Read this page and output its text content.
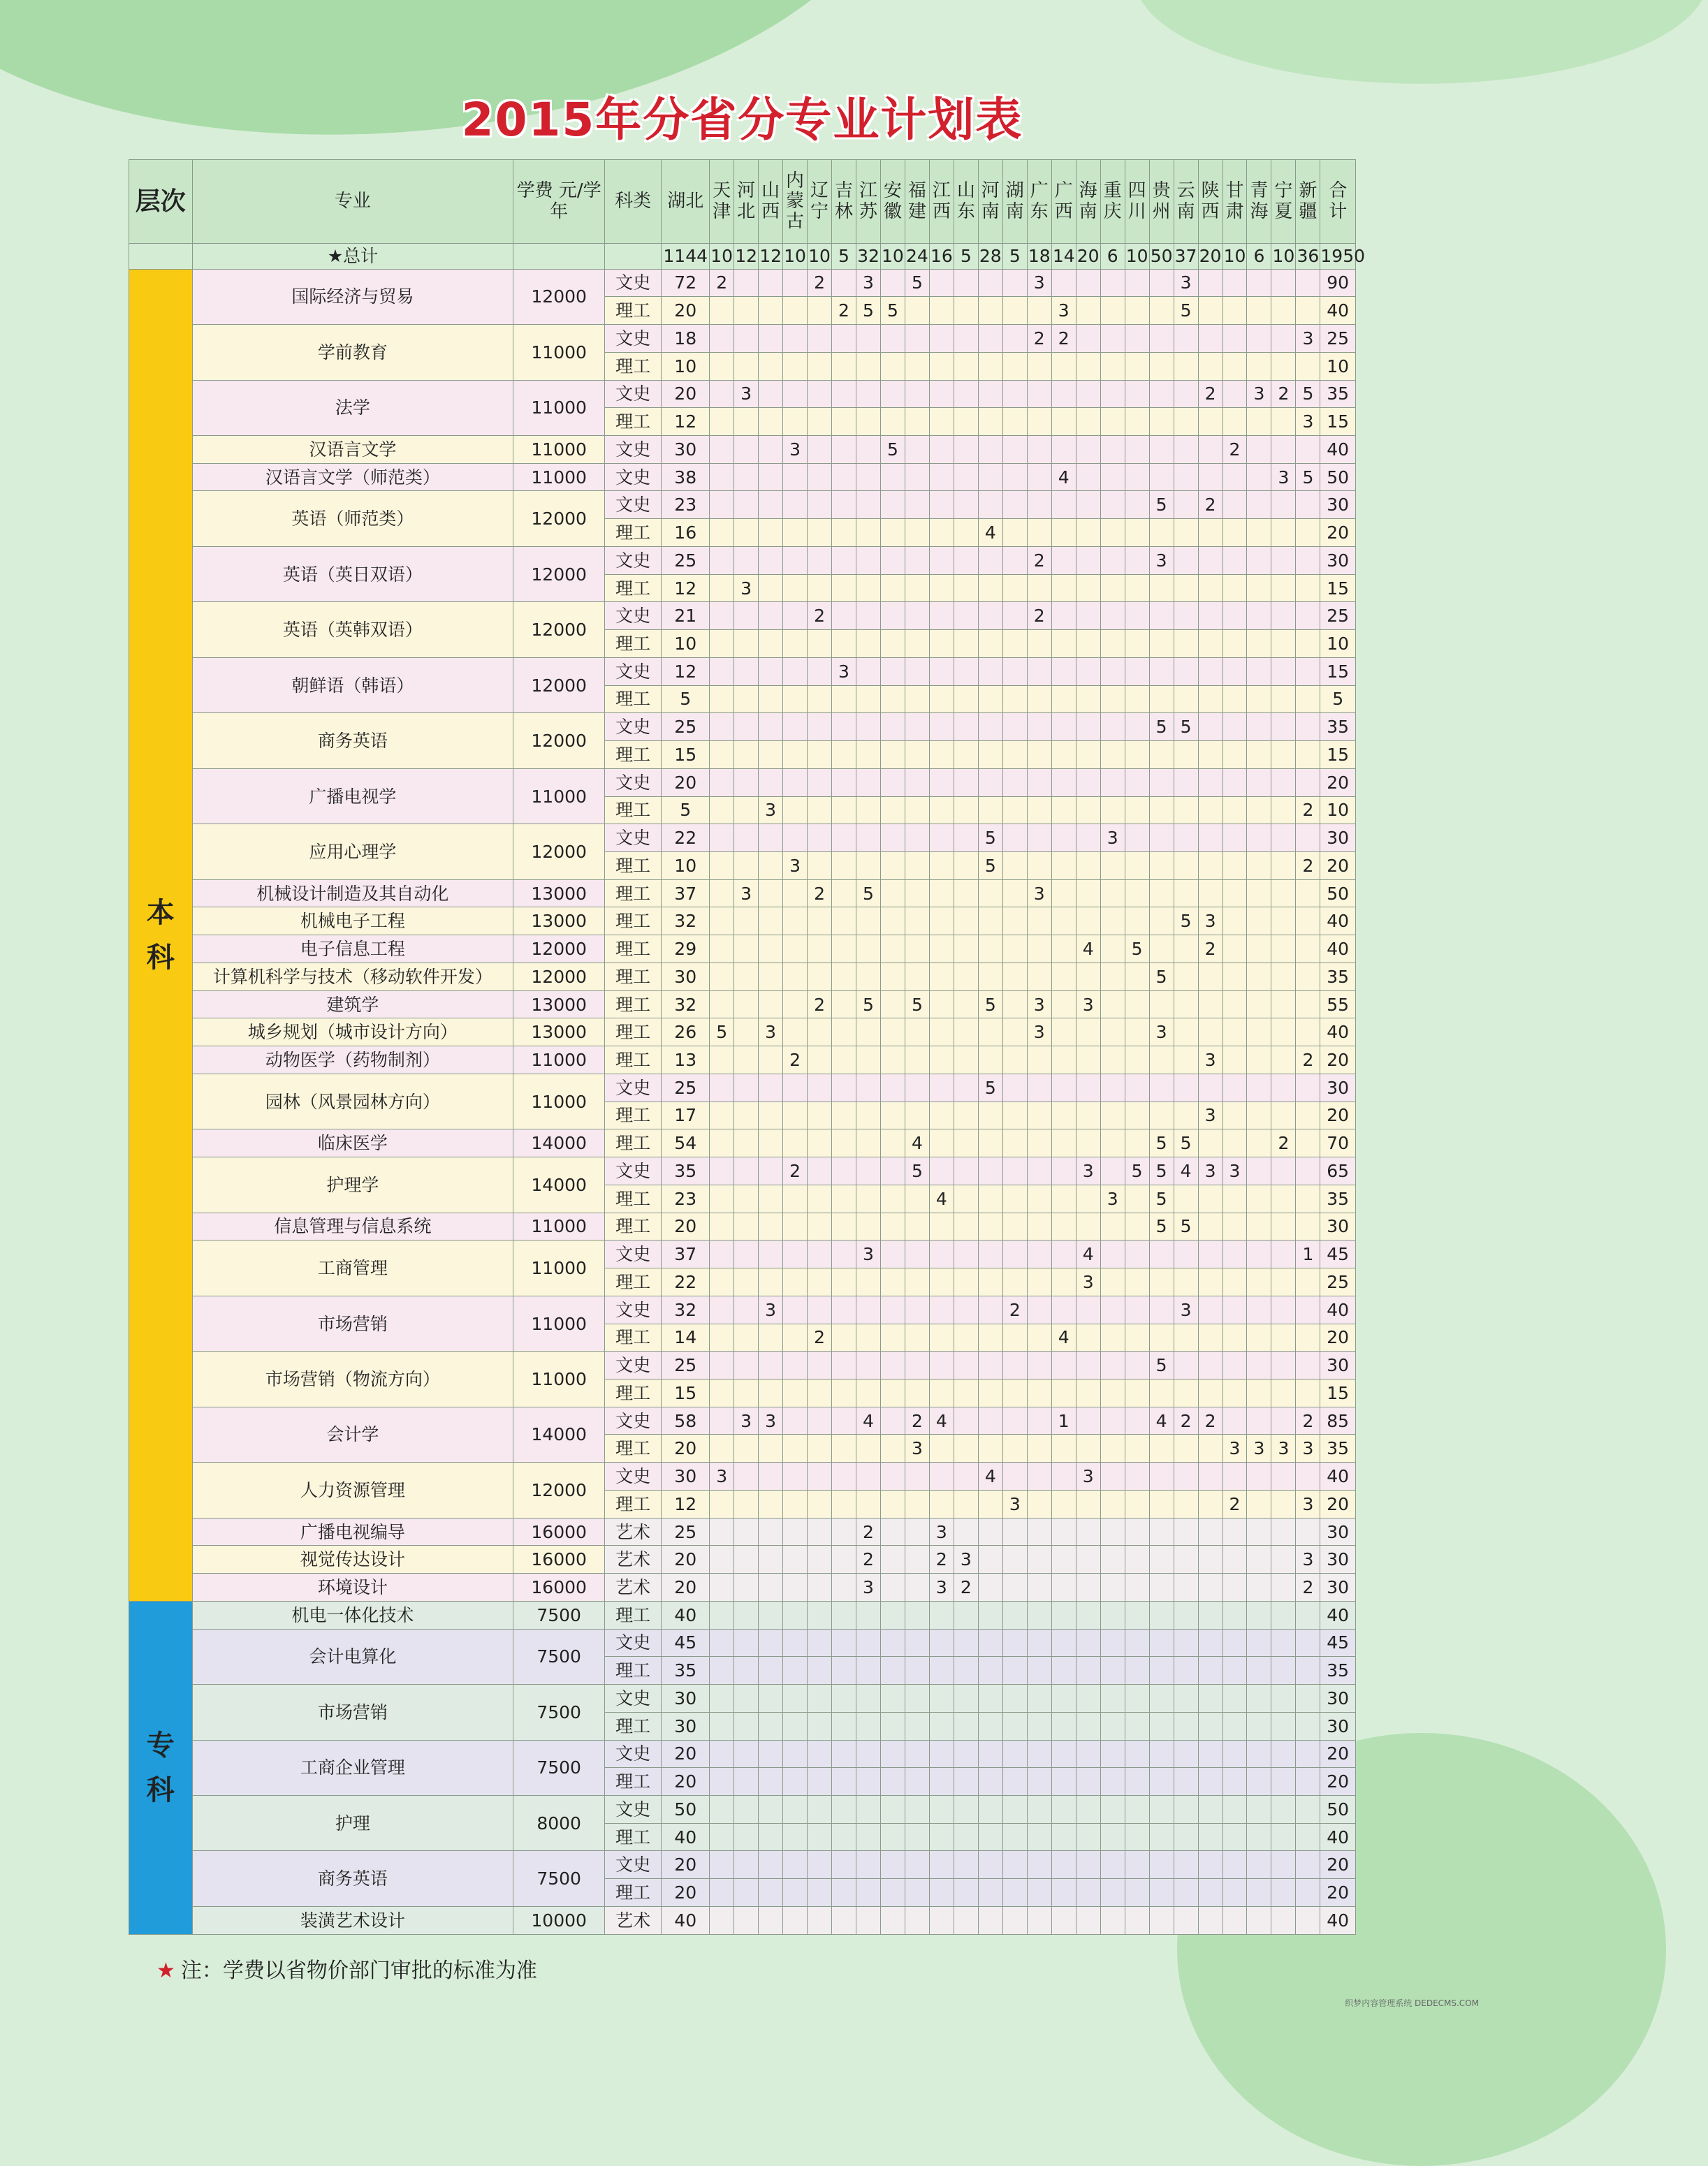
2015年分省分专业计划表
层次	专业	学费 元/学年	科类	湖北	天津	河北	山西	内蒙古	辽宁	吉林	江苏	安徽	福建	江西	山东	河南	湖南	广东	广西	海南	重庆	四川	贵州	云南	陕西	甘肃	青海	宁夏	新疆	合计
	★总计			1144	10	12	12	10	10	5	32	10	24	16	5	28	5	18	14	20	6	10	50	37	20	10	6	10	36	1950
本 科	国际经济与贸易	12000	文史	72	2				2		3		5					3						3						90
			理工	20						2	5	5							3					5						40
	学前教育	11000	文史	18														2	2										3	25
			理工	10																										10
	法学	11000	文史	20		3																			2		3	2	5	35
			理工	12																									3	15
	汉语言文学	11000	文史	30				3				5														2				40
	汉语言文学（师范类）	11000	文史	38															4									3	5	50
	英语（师范类）	12000	文史	23																			5		2					30
			理工	16												4														20
	英语（英日双语）	12000	文史	25														2					3							30
			理工	12		3																								15
	英语（英韩双语）	12000	文史	21					2									2												25
			理工	10																										10
	朝鲜语（韩语）	12000	文史	12						3																				15
			理工	5																										5
	商务英语	12000	文史	25																			5	5						35
			理工	15																										15
	广播电视学	11000	文史	20																										20
			理工	5			3																						2	10
	应用心理学	12000	文史	22												5					3									30
			理工	10				3								5													2	20
	机械设计制造及其自动化	13000	理工	37		3			2		5							3												50
	机械电子工程	13000	理工	32																				5	3					40
	电子信息工程	12000	理工	29																4		5			2					40
	计算机科学与技术（移动软件开发）	12000	理工	30																			5							35
	建筑学	13000	理工	32					2		5		5			5		3		3										55
	城乡规划（城市设计方向）	13000	理工	26	5		3											3					3							40
	动物医学（药物制剂）	11000	理工	13				2																	3				2	20
	园林（风景园林方向）	11000	文史	25												5														30
			理工	17																					3					20
	临床医学	14000	理工	54									4										5	5				2		70
	护理学	14000	文史	35				2					5							3		5	5	4	3	3				65
			理工	23										4							3		5							35
	信息管理与信息系统	11000	理工	20																			5	5						30
	工商管理	11000	文史	37							3									4									1	45
			理工	22																3										25
	市场营销	11000	文史	32			3										2							3						40
			理工	14					2										4											20
	市场营销（物流方向）	11000	文史	25																			5							30
			理工	15																										15
	会计学	14000	文史	58		3	3				4		2	4					1				4	2	2				2	85
			理工	20									3													3	3	3	3	35
	人力资源管理	12000	文史	30	3											4				3										40
			理工	12													3									2			3	20
	广播电视编导	16000	艺术	25							2			3																30
	视觉传达设计	16000	艺术	20							2			2	3														3	30
	环境设计	16000	艺术	20							3			3	2														2	30
专 科	机电一体化技术	7500	理工	40																										40
	会计电算化	7500	文史	45																										45
			理工	35																										35
	市场营销	7500	文史	30																										30
			理工	30																										30
	工商企业管理	7500	文史	20																										20
			理工	20																										20
	护理	8000	文史	50																										50
			理工	40																										40
	商务英语	7500	文史	20																										20
			理工	20																										20
	装潢艺术设计	10000	艺术	40																										40
★ 注：学费以省物价部门审批的标准为准
织梦内容管理系统 DEDECMS.COM
